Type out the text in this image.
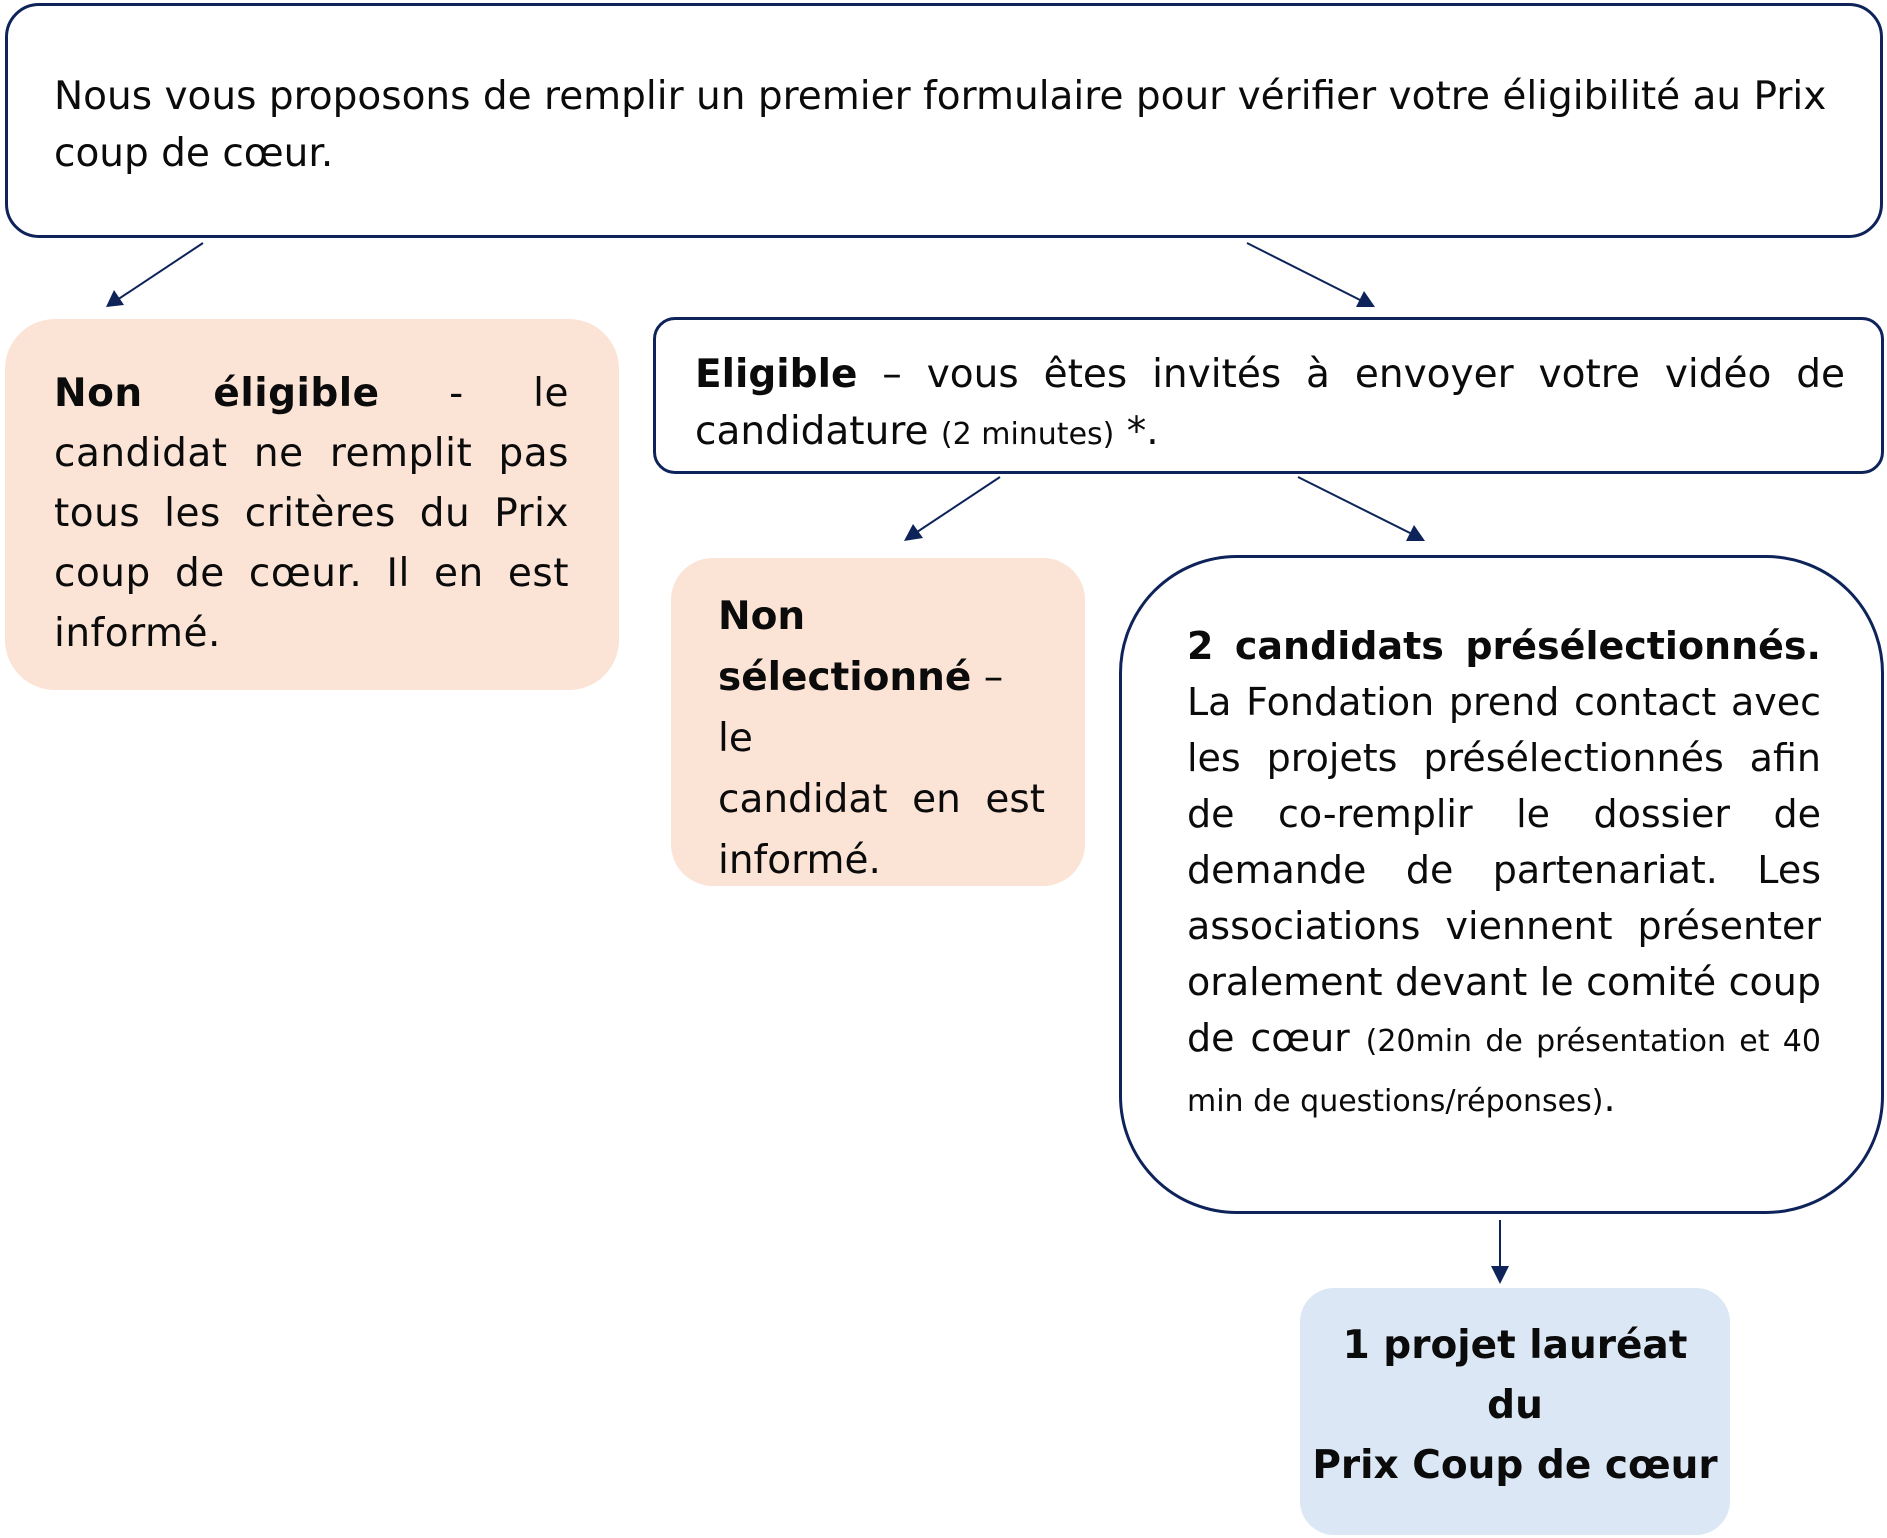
Nous vous proposons de remplir un premier formulaire pour vérifier votre éligibilité au Prix coup de cœur.
Non éligible - le candidat ne remplit pas tous les critères du Prix coup de cœur. Il en est informé.
Eligible – vous êtes invités à envoyer votre vidéo de candidature (2 minutes) *.
Non
sélectionné – le
candidat en est
informé.
2 candidats présélectionnés. La Fondation prend contact avec les projets présélectionnés afin de co-remplir le dossier de demande de partenariat. Les associations viennent présenter oralement devant le comité coup de cœur (20min de présentation et 40 min de questions/réponses).
1 projet lauréat
du
Prix Coup de cœur
